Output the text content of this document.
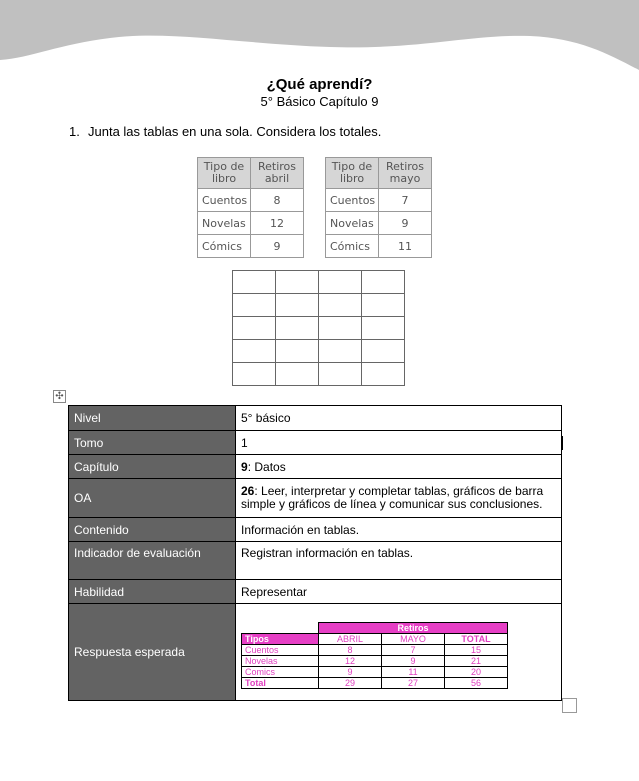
¿Qué aprendí?
5° Básico Capítulo 9
1. Junta las tablas en una sola. Considera los totales.
Tipo de libro	Retiros abril
Cuentos	8
Novelas	12
Cómics	9
Tipo de libro	Retiros mayo
Cuentos	7
Novelas	9
Cómics	11

✣
Nivel	5° básico
Tomo	1
Capítulo	9: Datos
OA	26: Leer, interpretar y completar tablas, gráficos de barra simple y gráficos de línea y comunicar sus conclusiones.
Contenido	Información en tablas.
Indicador de evaluación	Registran información en tablas.
Habilidad	Representar
Respuesta esperada	
	Retiros
Tipos	ABRIL	MAYO	TOTAL
Cuentos	8	7	15
Novelas	12	9	21
Comics	9	11	20
Total	29	27	56
